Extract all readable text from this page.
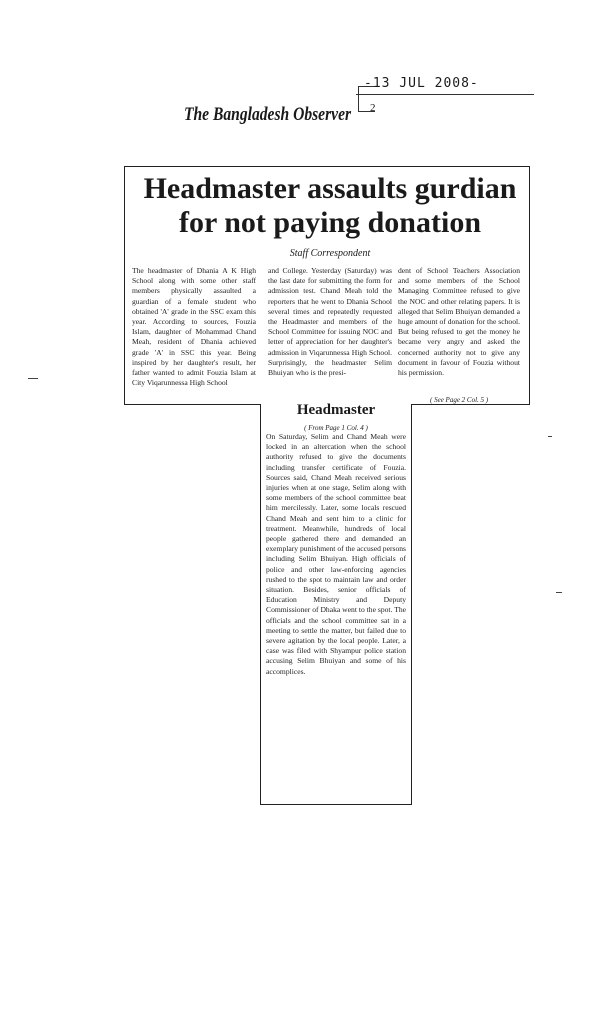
-13 JUL 2008-
2
The Bangladesh Observer
Headmaster assaults gurdian
for not paying donation
Staff Correspondent
The headmaster of Dhania A K High School along with some other staff members physically assaulted a guardian of a female student who obtained 'A' grade in the SSC exam this year. According to sources, Fouzia Islam, daughter of Mohammad Chand Meah, resident of Dhania achieved grade 'A' in SSC this year. Being inspired by her daughter's result, her father wanted to admit Fouzia Islam at City Viqarunnessa High School
and College. Yesterday (Saturday) was the last date for submitting the form for admission test. Chand Meah told the reporters that he went to Dhania School several times and repeatedly requested the Headmaster and members of the School Committee for issuing NOC and letter of appreciation for her daughter's admission in Viqarunnessa High School. Surprisingly, the headmaster Selim Bhuiyan who is the presi-
dent of School Teachers Association and some members of the School Managing Committee refused to give the NOC and other relating papers. It is alleged that Selim Bhuiyan demanded a huge amount of donation for the school. But being refused to get the money he became very angry and asked the concerned authority not to give any document in favour of Fouzia without his permission.
( See Page 2 Col. 5 )
Headmaster
( From Page 1 Col. 4 )
On Saturday, Selim and Chand Meah were locked in an altercation when the school authority refused to give the documents including transfer certificate of Fouzia. Sources said, Chand Meah received serious injuries when at one stage, Selim along with some members of the school committee beat him mercilessly. Later, some locals rescued Chand Meah and sent him to a clinic for treatment. Meanwhile, hundreds of local people gathered there and demanded an exemplary punishment of the accused persons including Selim Bhuiyan. High officials of police and other law-enforcing agencies rushed to the spot to maintain law and order situation. Besides, senior officials of Education Ministry and Deputy Commissioner of Dhaka went to the spot. The officials and the school committee sat in a meeting to settle the matter, but failed due to severe agitation by the local people. Later, a case was filed with Shyampur police station accusing Selim Bhuiyan and some of his accomplices.
